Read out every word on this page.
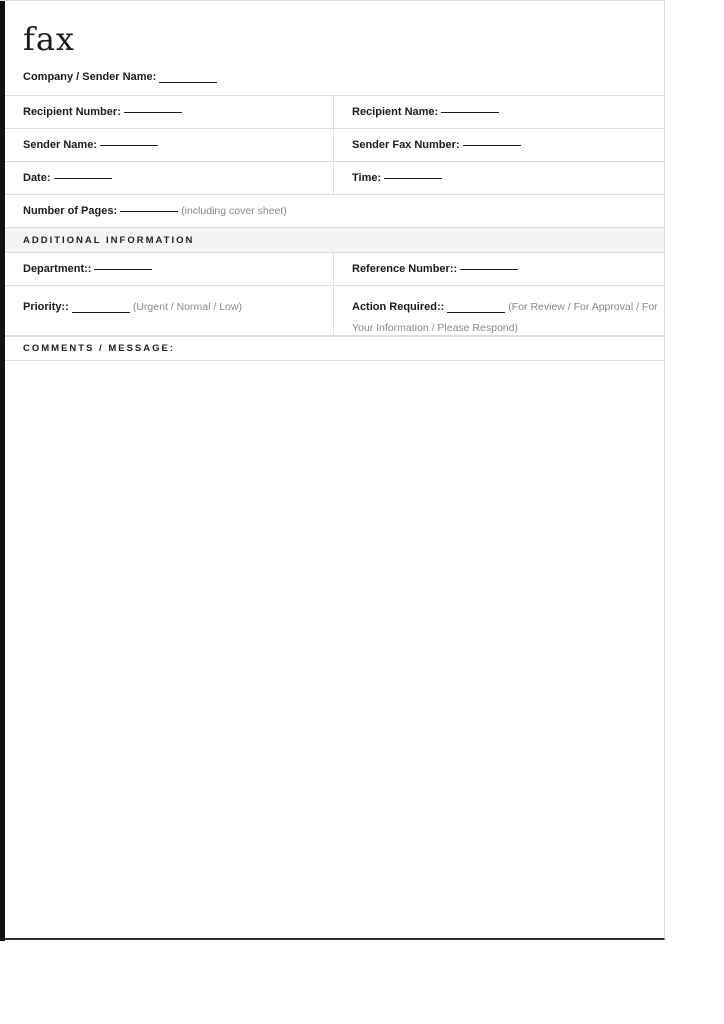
fax
Company / Sender Name:
Recipient Number:	Recipient Name:
Sender Name:	Sender Fax Number:
Date:	Time:
Number of Pages:	(including cover sheet)
ADDITIONAL INFORMATION
Department::	Reference Number::
Priority::	(Urgent / Normal / Low)	Action Required::	(For Review / For Approval / For Your Information / Please Respond)
COMMENTS / MESSAGE:
